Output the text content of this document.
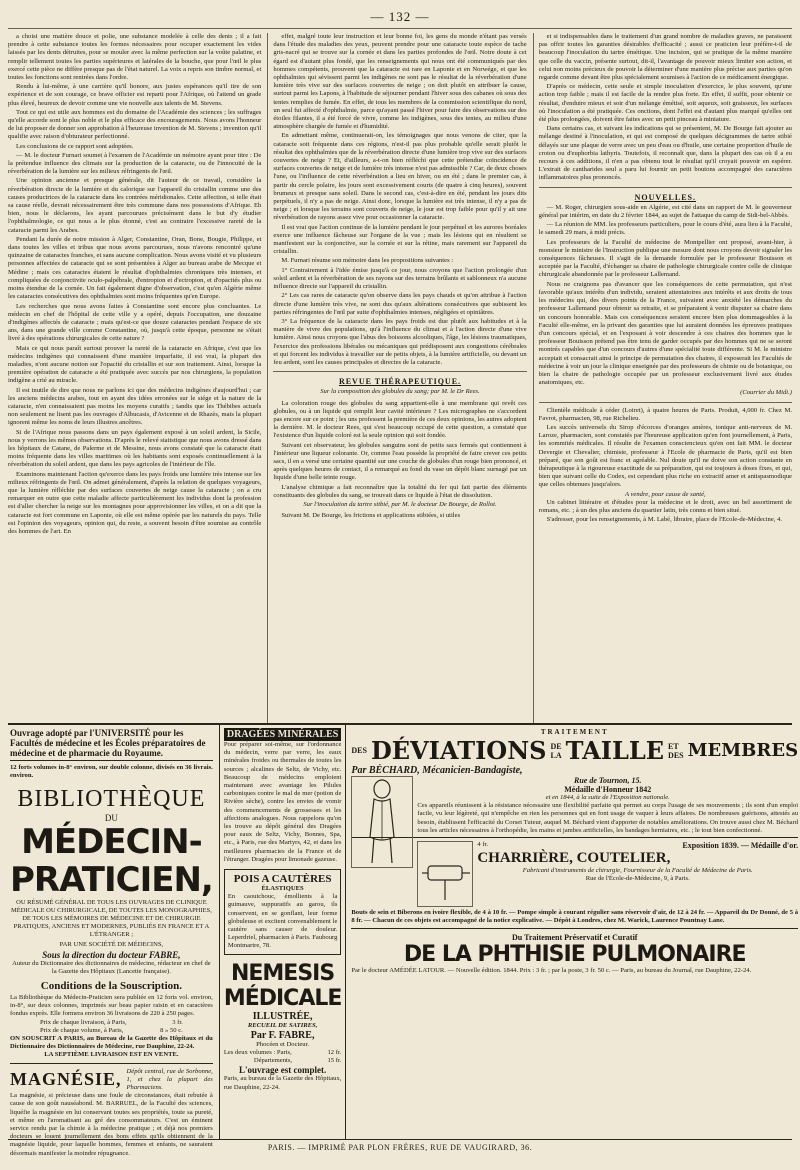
— 132 —

a choisi une matière douce et polie, une substance modelée à celle des dents ; il a fait prendre à cette substance toutes les formes nécessaires pour occuper exactement les vides laissés par les dents détruites, pour se mouler avec la même perfection sur la voûte palatine, et remplir tellement toutes les parties supérieures et latérales de la bouche, que pour l'œil le plus exercé cette pièce ne diffère presque pas de l'état naturel. La voix a repris son timbre normal, et toutes les fonctions sont rentrées dans l'ordre.

Rendu à lui-même, à une carrière qu'il honore, aux justes espérances qu'il tire de son expérience et de son courage, ce brave officier est reparti pour l'Afrique, où l'attend un grade plus élevé, heureux de devoir comme une vie nouvelle aux talents de M. Stevens.

Tout ce qui est utile aux hommes est du domaine de l'Académie des sciences ; les suffrages qu'elle accorde sont le plus noble et le plus efficace des encouragements. Nous avons l'honneur de lui proposer de donner son approbation à l'heureuse invention de M. Stevens ; invention qu'il qualifie avec raison d'obturateur perfectionné.

Les conclusions de ce rapport sont adoptées.

— M. le docteur Furnari soumet à l'examen de l'Académie un mémoire ayant pour titre : De la prétendue influence des climats sur la production de la cataracte, ou de l'innocuité de la réverbération de la lumière sur les milieux réfringents de l'œil.

Une opinion ancienne et presque générale, dit l'auteur de ce travail, considère la réverbération directe de la lumière et du calorique sur l'appareil du cristallin comme une des causes productrices de la cataracte dans les contrées méridionales. Cette affection, si telle était sa cause réelle, devrait nécessairement être très commune dans nos possessions d'Afrique. Eh bien, nous le déclarons, les ayant parcourues précisément dans le but d'y étudier l'ophthalmologie, ce qui nous a le plus étonné, c'est au contraire l'excessive rareté de la cataracte parmi les Arabes.

Pendant la durée de notre mission à Alger, Constantine, Oran, Bone, Bougie, Philippe, et dans toutes les villes et tribus que nous avons parcourues, nous n'avons rencontré qu'une quinzaine de cataractes franches, et sans aucune complication. Nous avons visité et vu plusieurs personnes affectées de cataracte qui se sont présentées à Alger au bureau arabe de Mecque et Médine ; mais ces cataractes étaient le résultat d'ophthalmies chroniques très intenses, et compliquées de conjonctivite oculo-palpébrale, d'entropion et d'ectropion, et d'opacités plus ou moins étendue de la cornée. Un fait également digne d'observation, c'est qu'en Algérie même les cataractes consécutives des ophthalmies sont moins fréquentes qu'en Europe.

Les recherches que nous avons faites à Constantine sont encore plus concluantes. Le médecin en chef de l'hôpital de cette ville y a opéré, depuis l'occupation, une douzaine d'indigènes affectés de cataracte ; mais qu'est-ce que douze cataractes pendant l'espace de six ans, dans une grande ville comme Constantine, où, jusqu'à cette époque, personne ne s'était livré à des opérations chirurgicales de cette nature ?

Mais ce qui nous paraît surtout prouver la rareté de la cataracte en Afrique, c'est que les médecins indigènes qui connaissent d'une manière imparfaite, il est vrai, la plupart des maladies, n'ont aucune notion sur l'opacité du cristallin et sur son traitement. Ainsi, lorsque la première opération de cataracte a été pratiquée avec succès par nos chirurgiens, la population indigène a crié au miracle.

Il est inutile de dire que nous ne parlons ici que des médecins indigènes d'aujourd'hui ; car les anciens médecins arabes, tout en ayant des idées erronées sur le siége et la nature de la cataracte, n'en connaissaient pas moins les moyens curatifs ; tandis que les Thébibes actuels non seulement ne lisent pas les ouvrages d'Albucasis, d'Avicenne et de Rhazès, mais la plupart ignorent même les noms de leurs illustres ancêtres.

Si de l'Afrique nous passons dans un pays également exposé à un soleil ardent, la Sicile, nous y verrons les mêmes observations. D'après le relevé statistique que nous avons dressé dans les hôpitaux de Catane, de Palerme et de Messine, nous avons constaté que la cataracte était moins fréquente dans les villes maritimes où les habitants sont exposés continuellement à la réverbération du soleil ardent, que dans les pays agricoles de l'intérieur de l'île.

Examinons maintenant l'action qu'exerce dans les pays froids une lumière très intense sur les milieux réfringents de l'œil. On admet généralement, d'après la relation de quelques voyageurs, que la lumière réfléchie par des surfaces couvertes de neige cause la cataracte ; on a cru remarquer en outre que cette maladie affecte particulièrement les individus dont la profession est d'aller chercher la neige sur les montagnes pour approvisionner les villes, et on a dit que la cataracte est fort commune en Laponie, où elle est même opérée par les naturels du pays. Telle est l'opinion des voyageurs, opinion qui, du reste, a souvent besoin d'être soumise au contrôle des hommes de l'art. En

effet, malgré toute leur instruction et leur bonne foi, les gens du monde n'étant pas versés dans l'étude des maladies des yeux, peuvent prendre pour une cataracte toute espèce de tache gris-nacré qui se trouve sur la cornée et dans les parties profondes de l'œil. Notre doute à cet égard est d'autant plus fondé, que les renseignements qui nous ont été communiqués par des hommes compétents, prouvent que la cataracte est rare en Laponie et en Norwége, et que les ophthalmies qui sévissent parmi les indigènes ne sont pas le résultat de la réverbération d'une lumière très vive sur des surfaces couvertes de neige ; on doit plutôt en attribuer la cause, surtout parmi les Lapons, à l'habitude de séjourner pendant l'hiver sous des cabanes où sous des tentes remplies de fumée. En effet, de tous les membres de la commission scientifique du nord, un seul fut affecté d'ophthalmie, parce qu'ayant passé l'hiver pour faire des observations sur des étoiles filantes, il a été forcé de vivre, comme les indigènes, sous des tentes, au milieu d'une atmosphère chargée de fumée et d'humidité.

En admettant même, continuerait-on, les témoignages que nous venons de citer, que la cataracte soit fréquente dans ces régions, n'est-il pas plus probable qu'elle serait plutôt le résultat des ophthalmies que de la réverbération directe d'une lumière trop vive sur des surfaces couvertes de neige ? Et, d'ailleurs, a-t-on bien réfléchi que cette prétendue coïncidence de surfaces couvertes de neige et de lumière très intense n'est pas admissible ? Car, de deux choses l'une, ou l'influence de cette réverbération a lieu en hiver, ou en été ; dans le premier cas, à partir du cercle polaire, les jours sont excessivement courts (de quatre à cinq heures), souvent brumeux et presque sans soleil. Dans le second cas, c'est-à-dire en été, pendant les jours dits perpétuels, il n'y a pas de neige. Ainsi donc, lorsque la lumière est très intense, il n'y a pas de neige ; et lorsque les terrains sont couverts de neige, le jour est trop faible pour qu'il y ait une réverbération de rayons assez vive pour occasionner la cataracte.

Il est vrai que l'action continue de la lumière pendant le jour perpétuel et les aurores boréales exerce une influence fâcheuse sur l'organe de la vue ; mais les lésions qui en résultent se manifestent sur la conjonctive, sur la cornée et sur la rétine, mais rarement sur l'appareil du cristallin.

M. Furnari résume son mémoire dans les propositions suivantes :

1° Contrairement à l'idée émise jusqu'à ce jour, nous croyons que l'action prolongée d'un soleil ardent et la réverbération de ses rayons sur des terrains brûlants et sablonneux n'a aucune influence directe sur l'appareil du cristallin.

2° Les cas rares de cataracte qu'on observe dans les pays chauds et qu'on attribue à l'action directe d'une lumière très vive, ne sont dus qu'aux altérations consécutives que subissent les parties réfringentes de l'œil par suite d'ophthalmies intenses, négligées et opiniâtres.

3° La fréquence de la cataracte dans les pays froids est due plutôt aux habitudes et à la manière de vivre des populations, qu'à l'influence du climat et à l'action directe d'une vive lumière. Ainsi nous croyons que l'abus des boissons alcooliques, l'âge, les lésions traumatiques, l'exercice des professions libérales ou mécaniques qui prédisposent aux congestions cérébrales et qui forcent les individus à travailler sur de petits objets, à la lumière artificielle, ou devant un feu ardent, sont les causes principales et directes de la cataracte.

REVUE THÉRAPEUTIQUE.
Sur la composition des globules du sang; par M. le Dr Rees.

La coloration rouge des globules du sang appartient-elle à une membrane qui revêt ces globules, ou à un liquide qui remplit leur cavité intérieure ? Les micrographes ne s'accordent pas encore sur ce point ; les uns professent la première de ces deux opinions, les autres adoptent la dernière. M. le docteur Rees, qui s'est beaucoup occupé de cette question, a constaté que l'existence d'un liquide coloré est la seule opinion qui soit fondée.

Suivant cet observateur, les globules sanguins sont de petits sacs fermés qui contiennent à l'intérieur une liqueur colorante. Or, comme l'eau possède la propriété de faire crever ces petits sacs, il en a versé une certaine quantité sur une couche de globules d'un rouge bien prononcé, et après quelques heures de contact, il a remarqué au fond du vase un dépôt blanc surnagé par un liquide d'une belle teinte rouge.

L'analyse chimique a fait reconnaître que la totalité du fer qui fait partie des éléments constituants des globules du sang, se trouvait dans ce liquide à l'état de dissolution.

Sur l'inoculation du tartre stibié, par M. le docteur De Bourge, de Rollot.

Suivant M. De Bourge, les frictions et applications stibiées, si utiles

et si indispensables dans le traitement d'un grand nombre de maladies graves, ne paraissent pas offrir toutes les garanties désirables d'efficacité ; aussi ce praticien leur préfère-t-il de beaucoup l'inoculation du tartre émétique. Une incision, qui se pratique de la même manière que celle du vaccin, présente surtout, dit-il, l'avantage de pouvoir mieux limiter son action, et celui non moins précieux de pouvoir la déterminer d'une manière plus précise aux parties qu'on regarde comme devant être plus spécialement soumises à l'action de ce médicament énergique.

D'après ce médecin, cette seule et simple inoculation d'exercice, le plus souvent, qu'une action trop faible ; mais il est facile de la rendre plus forte. En effet, il suffit, pour obtenir ce résultat, d'enduire mieux et soir d'un mélange émétisé, soit aqueux, soit graisseux, les surfaces où l'inoculation a été pratiquée. Ces onctions, dont l'effet est d'autant plus marqué qu'elles ont été plus prolongées, doivent être faites avec un petit pinceau à miniature.

Dans certains cas, et suivant les indications qui se présentent, M. De Bourge fait ajouter au mélange destiné à l'inoculation, et qui est composé de quelques décigrammes de tartre stibié délayés sur une plaque de verre avec un peu d'eau ou d'huile, une certaine proportion d'huile de croton ou d'euphorbia lathyris. Toutefois, il reconnaît que, dans la plupart des cas où il a eu recours à ces additions, il n'en a pas obtenu tout le résultat qu'il croyait pouvoir en espérer. L'extrait de cantharides seul a paru lui fournir un petit boutons accompagné des caractères inflammatoires plus prononcés.

NOUVELLES.

— M. Roger, chirurgien sous-aide en Algérie, est cité dans un rapport de M. le gouverneur général par intérim, en date du 2 février 1844, au sujet de l'attaque du camp de Sidi-bel-Abbès.

— La réunion de MM. les professeurs particuliers, pour le cours d'été, aura lieu à la Faculté, le samedi 29 mars, à midi précis.

Les professeurs de la Faculté de médecine de Montpellier ont proposé, avant-hier, à monsieur le ministre de l'Instruction publique une mesure dont nous croyons devoir signaler les conséquences fâcheuses. Il s'agit de la demande formulée par le professeur Bouisson et acceptée par la Faculté, d'échanger sa chaire de pathologie chirurgicale contre celle de clinique chirurgicale abandonnée par le professeur Lallemand.

Nous ne craignons pas d'avancer que les conséquences de cette permutation, qui n'est favorable qu'aux intérêts d'un individu, seraient attentatoires aux intérêts et aux droits de tous les médecins qui, des divers points de la France, suivaient avec anxiété les démarches du professeur Lallemand pour obtenir sa retraite, et se préparaient à venir disputer sa chaire dans un concours honorable. Mais ces conséquences seraient encore bien plus dommageables à la Faculté elle-même, en la privant des garanties que lui auraient données les épreuves pratiques d'un concours spécial, et en l'exposant à voir descendre à ces chaires des hommes que le professeur Bouisson prétend pas être tenu de garder occupés par des hommes qui ne se seront montrés capables que d'un concours d'autres d'une spécialité toute différente. Si M. le ministre acceptait et consacrait ainsi le principe de permutation des chaires, il exposerait les Facultés de médecine à voir un jour la clinique enseignée par des professeurs de chimie ou de botanique, ou bien la chaire de pathologie occupée par un professeur exclusivement livré aux études anatomiques, etc.

(Courrier du Midi.)

Clientèle médicale à céder (Loiret), à quatre heures de Paris. Produit, 4,000 fr. Chez M. Favrot, pharmacien, 98, rue Richelieu.

Les succès universels du Sirop d'écorces d'oranges amères, tonique anti-nerveux de M. Laroze, pharmacien, sont constatés par l'heureuse application qu'en font journellement, à Paris, les sommités médicales. Il résulte de l'examen consciencieux qu'en ont fait MM. le docteur Devergie et Chevalier, chimiste, professeur à l'Ecole de pharmacie de Paris, qu'il est bien préparé, que son goût est franc et agréable. Nul doute qu'il ne doive son action constante en thérapeutique à la rigoureuse exactitude de sa préparation, qui est toujours à doses fixes, et qui, bien que suivant celle du Codex, est cependant plus riche en extractif amer et antispasmodique que celles obtenues jusqu'alors.

A vendre, pour cause de santé,

Un cabinet littéraire et d'études pour la médecine et le droit, avec un bel assortiment de romans, etc. ; à un des plus anciens du quartier latin, très connu et bien situé.

S'adresser, pour les renseignements, à M. Labé, libraire, place de l'Ecole-de-Médecine, 4.

Ouvrage adopté par l'UNIVERSITÉ pour les Facultés de médecine et les Écoles préparatoires de médecine et de pharmacie du Royaume.
12 forts volumes in-8° environ, sur double colonne, divisés en 36 livrais. environ.
BIBLIOTHÈQUE
DU
MÉDECIN-PRATICIEN,
OU RÉSUMÉ GÉNÉRAL DE TOUS LES OUVRAGES DE CLINIQUE MÉDICALE OU CHIRURGICALE, DE TOUTES LES MONOGRAPHIES, DE TOUS LES MÉMOIRES DE MÉDECINE ET DE CHIRURGIE PRATIQUES, ANCIENS ET MODERNES, PUBLIÉS EN FRANCE ET A L'ÉTRANGER ;
PAR UNE SOCIÉTÉ DE MÉDECINS,
Sous la direction du docteur FABRE,
Auteur du Dictionnaire des dictionnaires de médecine, rédacteur en chef de la Gazette des Hôpitaux (Lancette française).
Conditions de la Souscription.
La Bibliothèque du Médecin-Praticien sera publiée en 12 forts vol. environ, in-8°, sur deux colonnes, imprimés sur beau papier raisin et en caractères fondus exprès. Elle formera environ 36 livraisons de 220 à 250 pages.
Prix de chaque livraison, à Paris,	3 fr.
Prix de chaque volume, à Paris,	8 » 50 c.
ON SOUSCRIT A PARIS, au Bureau de la Gazette des Hôpitaux et du Dictionnaire des Dictionnaires de Médecine, rue Dauphine, 22-24.
LA SEPTIÈME LIVRAISON EST EN VENTE.
MAGNÉSIE, Dépôt central, rue de Sorbonne, 1, et chez la plupart des Pharmaciens.
La magnésie, si précieuse dans une foule de circonstances, était rebutée à cause de son goût nauséabond. M. BARRUEL, de la Faculté des sciences, liquéfie la magnésie en lui conservant toutes ses propriétés, toute sa pureté, et même en l'aromatisant au gré des consommateurs. C'est un éminent service rendu par la chimie à la médecine pratique ; et déjà nos premiers docteurs se louent journellement des bons effets qu'ils obtiennent de la magnésie liquide, pour laquelle hommes, femmes et enfants, ne sauraient désormais manifester la moindre répugnance.
DRAGÉES MINÉRALES
Pour préparer soi-même, sur l'ordonnance du médecin, verre par verre, les eaux minérales froides ou thermales de toutes les sources ; alcalines de Seltz, de Vichy, etc. Beaucoup de médecins emploient maintenant avec avantage les Pilules carboniques contre le mal de mer (potion de Rivière sèche), contre les envies de vomir des commencements de grossesses et les affections analogues. Nous rappelons qu'on les trouve au dépôt général des Dragées pour eaux de Seltz, Vichy, Bonnes, Spa, etc., à Paris, rue des Martyrs, 42, et dans les meilleures pharmacies de la France et de l'étranger. Dragées pour limonade gazeuse.
POIS A CAUTÈRES
ÉLASTIQUES
En caoutchouc, émollients à la guimauve, suppuratifs au garou, ils conservent, en se gonflant, leur forme globuleuse et excitent convenablement le cautère sans causer de douleur. Leperdriel, pharmacien à Paris. Faubourg Montmartre, 78.
NEMESIS MÉDICALE
ILLUSTRÉE,
RECUEIL DE SATIRES,
Par F. FABRE,
Phocéen et Docteur.
Les deux volumes : Paris,	12 fr.
Départements,	15 fr.
L'ouvrage est complet.
Paris, au bureau de la Gazette des Hôpitaux, rue Dauphine, 22-24.
TRAITEMENT
DES DÉVIATIONS DE LA TAILLE ET DES MEMBRES
Par BÉCHARD, Mécanicien-Bandagiste,
Rue de Tournon, 15.
Médaille d'Honneur 1842
et en 1844, à la suite de l'Exposition nationale.
Ces appareils réunissent à la résistance nécessaire une flexibilité parfaite qui permet au corps l'usage de ses mouvements ; ils sont d'un emploi facile, vu leur légèreté, qui n'empêche en rien les personnes qui en font usage de vaquer à leurs affaires. De nombreuses guérisons, attestés au besoin, établissent l'efficacité du Corset Tuteur, auquel M. Béchard vient d'apporter de notables améliorations. On trouve aussi chez M. Béchard tous les articles nécessaires à l'orthopédie, les mains et jambes artificielles, les bandages herniaires, etc. ; le tout bien confectionné.
4 fr.	Exposition 1839. — Médaille d'or.
CHARRIÈRE, COUTELIER,
Fabricant d'instruments de chirurgie, Fournisseur de la Faculté de Médecine de Paris.
Rue de l'École-de-Médecine, 9, à Paris.
Bouts de sein et Biberons en ivoire flexible, de 4 à 10 fr. — Pompe simple à courant régulier sans réservoir d'air, de 12 à 24 fr. — Appareil du Dr Donné, de 5 à 8 fr. — Chacun de ces objets est accompagné de la notice explicative. — Dépôt à Londres, chez M. Warick, Laurence Pountnay Lane.
Du Traitement Préservatif et Curatif
DE LA PHTHISIE PULMONAIRE
Par le docteur AMÉDÉE LATOUR. — Nouvelle édition. 1844. Prix : 3 fr. ; par la poste, 3 fr. 50 c. — Paris, au bureau du Journal, rue Dauphine, 22-24.
PARIS. — IMPRIMÉ PAR PLON FRÈRES, RUE DE VAUGIRARD, 36.
